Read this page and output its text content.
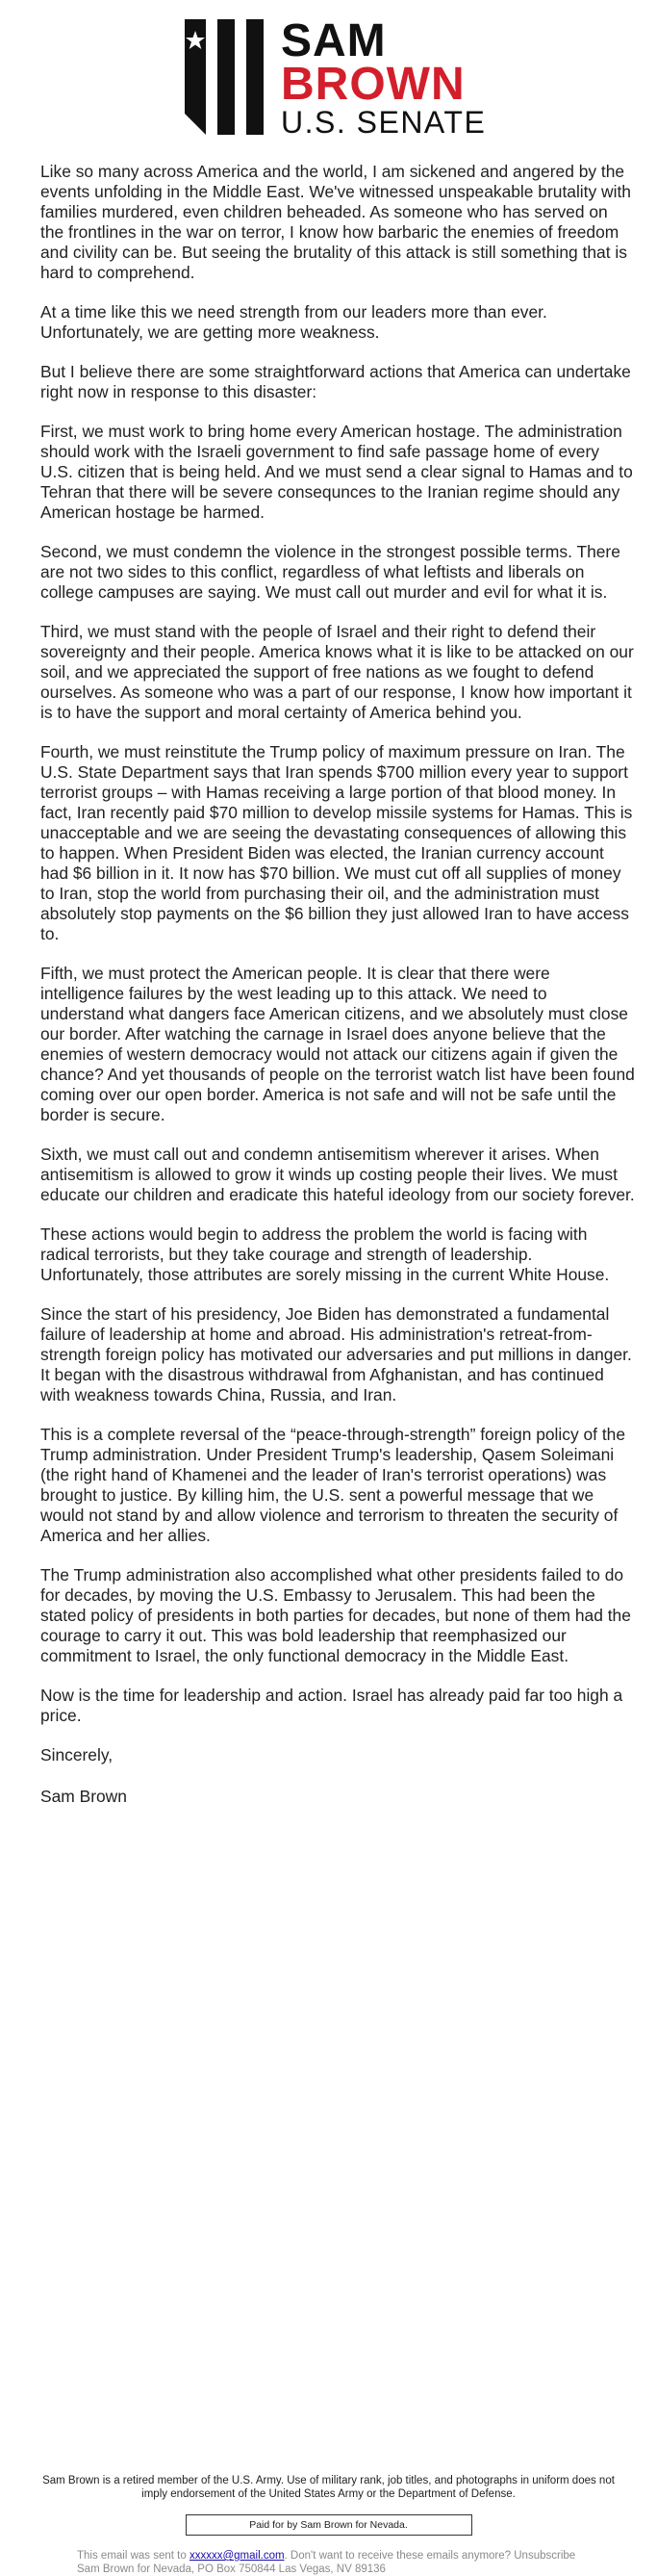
SAM
BROWN
U.S. SENATE

Like so many across America and the world, I am sickened and angered by the events unfolding in the Middle East. We've witnessed unspeakable brutality with families murdered, even children beheaded. As someone who has served on the frontlines in the war on terror, I know how barbaric the enemies of freedom and civility can be. But seeing the brutality of this attack is still something that is hard to comprehend.

At a time like this we need strength from our leaders more than ever. Unfortunately, we are getting more weakness.

But I believe there are some straightforward actions that America can undertake right now in response to this disaster:

First, we must work to bring home every American hostage. The administration should work with the Israeli government to find safe passage home of every U.S. citizen that is being held. And we must send a clear signal to Hamas and to Tehran that there will be severe consequnces to the Iranian regime should any American hostage be harmed.

Second, we must condemn the violence in the strongest possible terms. There are not two sides to this conflict, regardless of what leftists and liberals on college campuses are saying. We must call out murder and evil for what it is.

Third, we must stand with the people of Israel and their right to defend their sovereignty and their people. America knows what it is like to be attacked on our soil, and we appreciated the support of free nations as we fought to defend ourselves. As someone who was a part of our response, I know how important it is to have the support and moral certainty of America behind you.

Fourth, we must reinstitute the Trump policy of maximum pressure on Iran. The U.S. State Department says that Iran spends $700 million every year to support terrorist groups – with Hamas receiving a large portion of that blood money. In fact, Iran recently paid $70 million to develop missile systems for Hamas. This is unacceptable and we are seeing the devastating consequences of allowing this to happen. When President Biden was elected, the Iranian currency account had $6 billion in it. It now has $70 billion. We must cut off all supplies of money to Iran, stop the world from purchasing their oil, and the administration must absolutely stop payments on the $6 billion they just allowed Iran to have access to.

Fifth, we must protect the American people. It is clear that there were intelligence failures by the west leading up to this attack. We need to understand what dangers face American citizens, and we absolutely must close our border. After watching the carnage in Israel does anyone believe that the enemies of western democracy would not attack our citizens again if given the chance? And yet thousands of people on the terrorist watch list have been found coming over our open border. America is not safe and will not be safe until the border is secure.

Sixth, we must call out and condemn antisemitism wherever it arises. When antisemitism is allowed to grow it winds up costing people their lives. We must educate our children and eradicate this hateful ideology from our society forever.

These actions would begin to address the problem the world is facing with radical terrorists, but they take courage and strength of leadership. Unfortunately, those attributes are sorely missing in the current White House.

Since the start of his presidency, Joe Biden has demonstrated a fundamental failure of leadership at home and abroad. His administration's retreat-from-strength foreign policy has motivated our adversaries and put millions in danger. It began with the disastrous withdrawal from Afghanistan, and has continued with weakness towards China, Russia, and Iran.

This is a complete reversal of the “peace-through-strength” foreign policy of the Trump administration. Under President Trump's leadership, Qasem Soleimani (the right hand of Khamenei and the leader of Iran's terrorist operations) was brought to justice. By killing him, the U.S. sent a powerful message that we would not stand by and allow violence and terrorism to threaten the security of America and her allies.

The Trump administration also accomplished what other presidents failed to do for decades, by moving the U.S. Embassy to Jerusalem. This had been the stated policy of presidents in both parties for decades, but none of them had the courage to carry it out. This was bold leadership that reemphasized our commitment to Israel, the only functional democracy in the Middle East.

Now is the time for leadership and action. Israel has already paid far too high a price.

Sincerely,

Sam Brown

Sam Brown is a retired member of the U.S. Army. Use of military rank, job titles, and photographs in uniform does not imply endorsement of the United States Army or the Department of Defense.
Paid for by Sam Brown for Nevada.
This email was sent to xxxxxx@gmail.com. Don't want to receive these emails anymore? Unsubscribe
Sam Brown for Nevada, PO Box 750844 Las Vegas, NV 89136
